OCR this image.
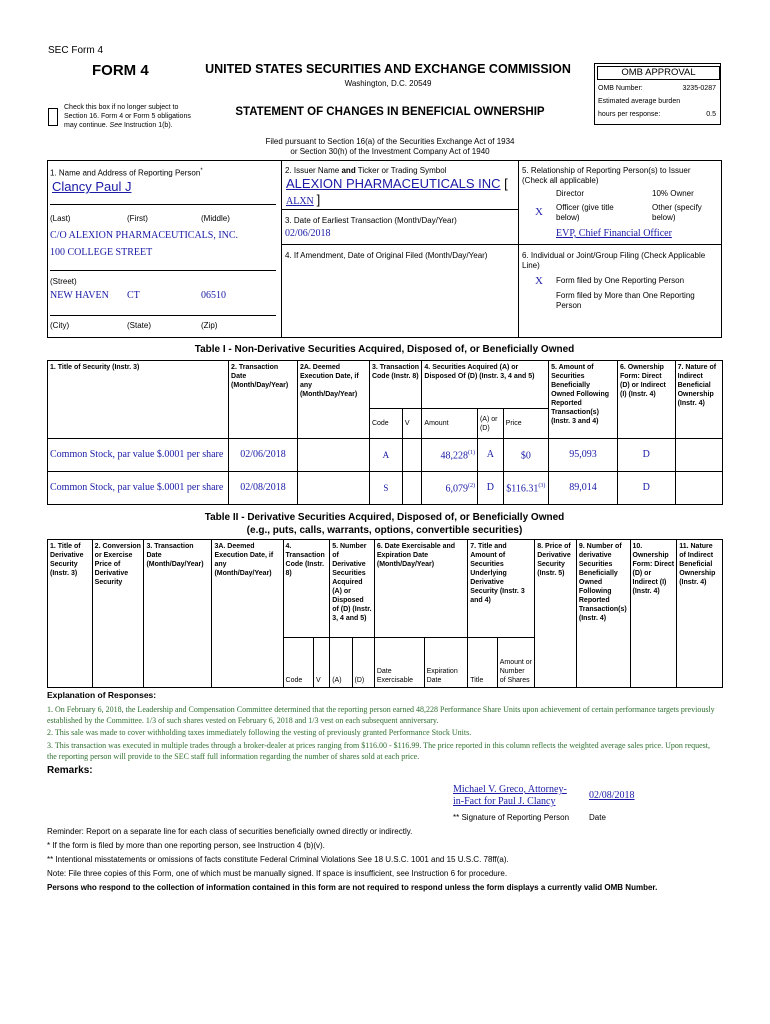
SEC Form 4
FORM 4	UNITED STATES SECURITIES AND EXCHANGE COMMISSION
Washington, D.C. 20549
Check this box if no longer subject to Section 16. Form 4 or Form 5 obligations may continue. See Instruction 1(b).
STATEMENT OF CHANGES IN BENEFICIAL OWNERSHIP
Filed pursuant to Section 16(a) of the Securities Exchange Act of 1934
or Section 30(h) of the Investment Company Act of 1940
OMB APPROVAL
OMB Number:	3235-0287
Estimated average burden
hours per response:	0.5
1. Name and Address of Reporting Person*
Clancy Paul J
(Last)	(First)	(Middle)
C/O ALEXION PHARMACEUTICALS, INC.
100 COLLEGE STREET
(Street)
NEW HAVEN CT	06510
(City)	(State)	(Zip)
2. Issuer Name and Ticker or Trading Symbol
ALEXION PHARMACEUTICALS INC [
ALXN ]
3. Date of Earliest Transaction (Month/Day/Year)
02/06/2018
4. If Amendment, Date of Original Filed (Month/Day/Year)
5. Relationship of Reporting Person(s) to Issuer
(Check all applicable)
Director	10% Owner
X Officer (give title below)
Other (specify below)
EVP, Chief Financial Officer
6. Individual or Joint/Group Filing (Check Applicable Line)
X Form filed by One Reporting Person
Form filed by More than One Reporting Person
Table I - Non-Derivative Securities Acquired, Disposed of, or Beneficially Owned
1. Title of Security (Instr. 3)	2. Transaction Date (Month/Day/Year)	2A. Deemed Execution Date, if any (Month/Day/Year)	3. Transaction Code (Instr. 8)		4. Securities Acquired (A) or Disposed Of (D) (Instr. 3, 4 and 5)			5. Amount of Securities Beneficially Owned Following Reported Transaction(s) (Instr. 3 and 4)	6. Ownership Form: Direct (D) or Indirect (I) (Instr. 4)	7. Nature of Indirect Beneficial Ownership (Instr. 4)
			Code	V	Amount	(A) or (D)	Price			
Common Stock, par value $.0001 per share	02/06/2018		A		48,228$^{(1)}$	A	$0	95,093	D	
Common Stock, par value $.0001 per share	02/08/2018		S		6,079$^{(2)}$	D	$116.31$^{(3)}$	89,014	D	
Table II - Derivative Securities Acquired, Disposed of, or Beneficially Owned
(e.g., puts, calls, warrants, options, convertible securities)
1. Title of Derivative Security (Instr. 3)	2. Conversion or Exercise Price of Derivative Security	3. Transaction Date (Month/Day/Year)	3A. Deemed Execution Date, if any (Month/Day/Year)	4. Transaction Code (Instr. 8)		5. Number of Derivative Securities Acquired (A) or Disposed of (D) (Instr. 3, 4 and 5)		6. Date Exercisable and Expiration Date (Month/Day/Year)		7. Title and Amount of Securities Underlying Derivative Security (Instr. 3 and 4)		8. Price of Derivative Security (Instr. 5)	9. Number of derivative Securities Beneficially Owned Following Reported Transaction(s) (Instr. 4)	10. Ownership Form: Direct (D) or Indirect (I) (Instr. 4)	11. Nature of Indirect Beneficial Ownership (Instr. 4)
				Code	V	(A)	(D)	Date Exercisable	Expiration Date	Title	Amount or Number of Shares				
Explanation of Responses:
1. On February 6, 2018, the Leadership and Compensation Committee determined that the reporting person earned 48,228 Performance Share Units upon achievement of certain performance targets previously established by the Committee. 1/3 of such shares vested on February 6, 2018 and 1/3 vest on each subsequent anniversary.
2. This sale was made to cover withholding taxes immediately following the vesting of previously granted Performance Stock Units.
3. This transaction was executed in multiple trades through a broker-dealer at prices ranging from $116.00 - $116.99. The price reported in this column reflects the weighted average sales price. Upon request, the reporting person will provide to the SEC staff full information regarding the number of shares sold at each price.
Remarks:
Michael V. Greco, Attorney-
in-Fact for Paul J. Clancy
02/08/2018
** Signature of Reporting Person Date
Reminder: Report on a separate line for each class of securities beneficially owned directly or indirectly.
* If the form is filed by more than one reporting person, see Instruction 4 (b)(v).
** Intentional misstatements or omissions of facts constitute Federal Criminal Violations See 18 U.S.C. 1001 and 15 U.S.C. 78ff(a).
Note: File three copies of this Form, one of which must be manually signed. If space is insufficient, see Instruction 6 for procedure.
Persons who respond to the collection of information contained in this form are not required to respond unless the form displays a currently valid OMB Number.
